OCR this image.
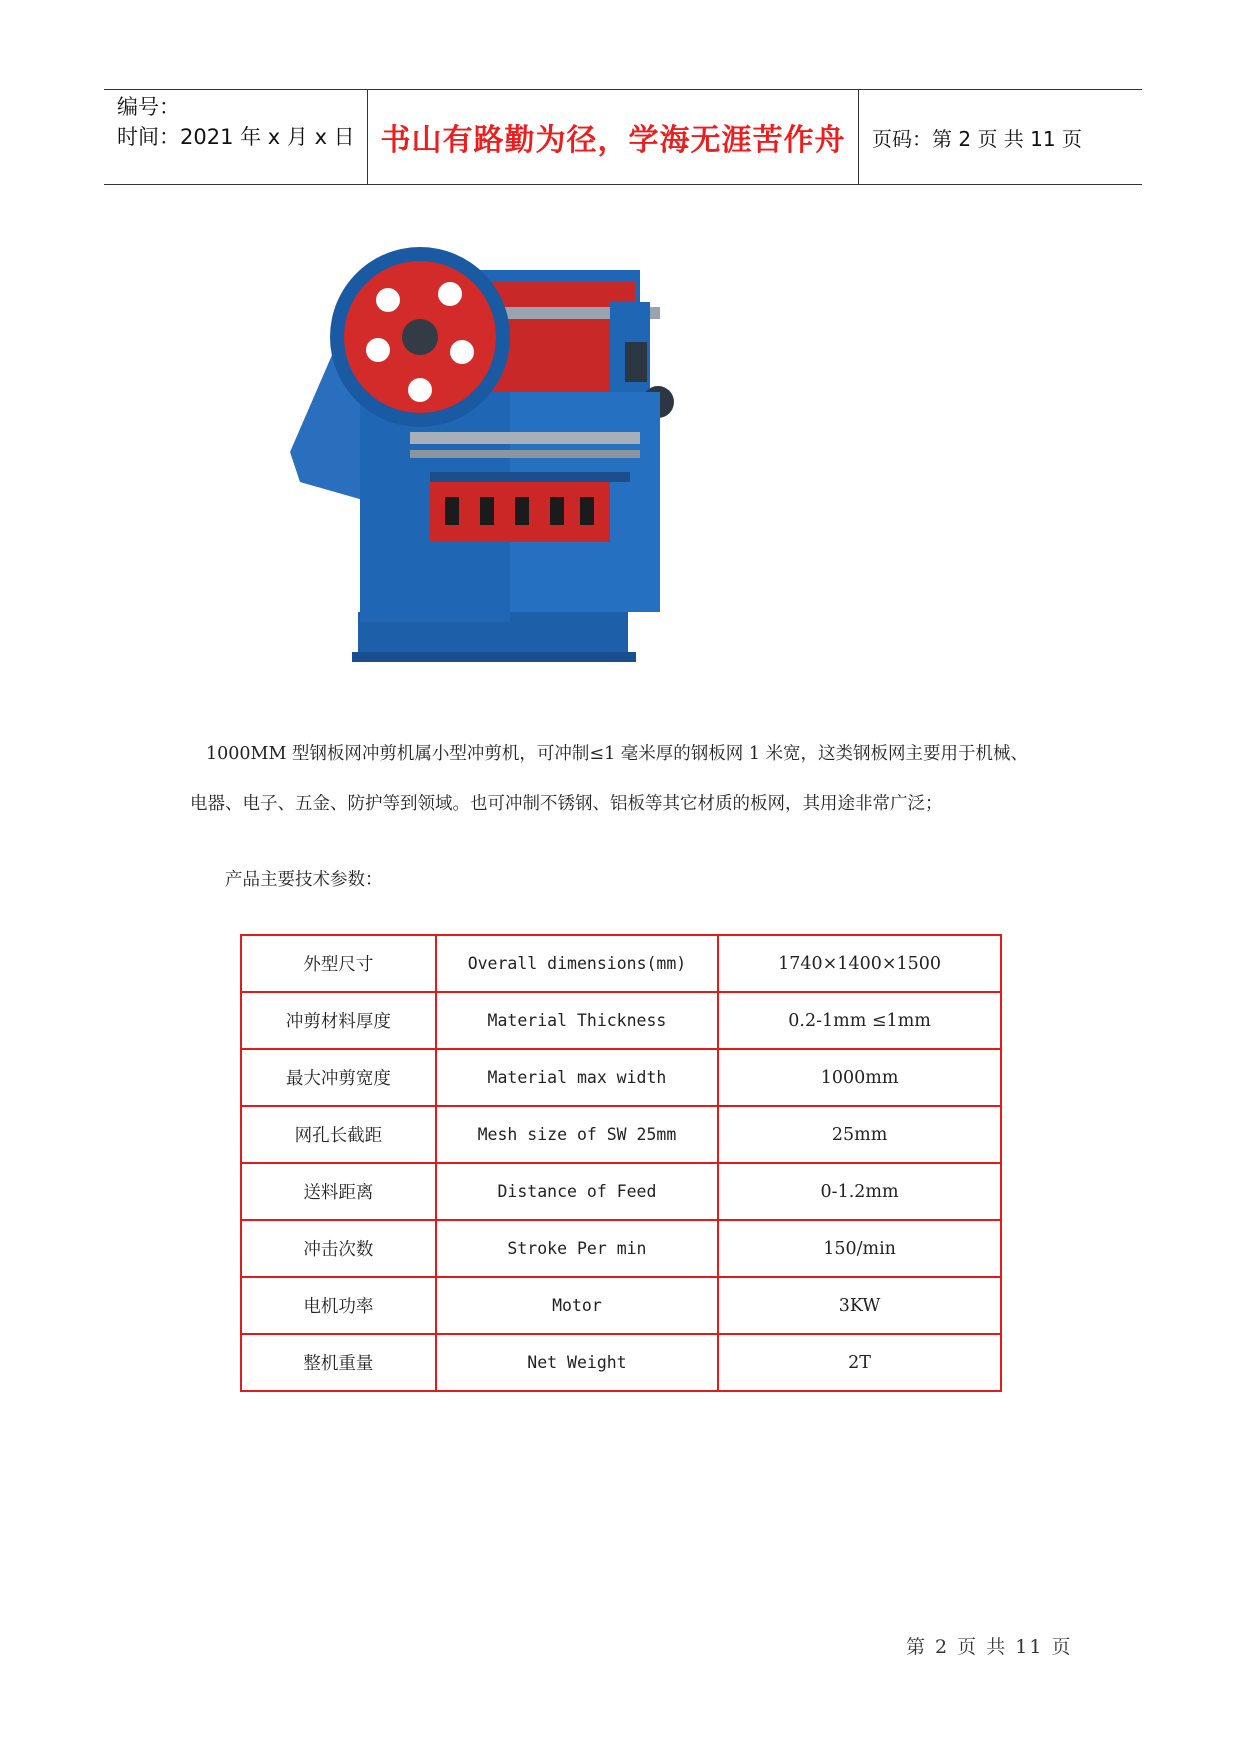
编号：
时间：2021 年 x 月 x 日 书山有路勤为径，学海无涯苦作舟	页码：第 2 页 共 11 页
1000MM 型钢板网冲剪机属小型冲剪机，可冲制≤1 毫米厚的钢板网 1 米宽，这类钢板网主要用于机械、
电器、电子、五金、防护等到领域。也可冲制不锈钢、铝板等其它材质的板网，其用途非常广泛；
产品主要技术参数：
外型尺寸	Overall dimensions(mm)	1740×1400×1500
冲剪材料厚度	Material Thickness	0.2-1mm ≤1mm
最大冲剪宽度	Material max width	1000mm
网孔长截距	Mesh size of SW 25mm	25mm
送料距离	Distance of Feed	0-1.2mm
冲击次数	Stroke Per min	150/min
电机功率	Motor	3KW
整机重量	Net Weight	2T
第 2 页 共 11 页
